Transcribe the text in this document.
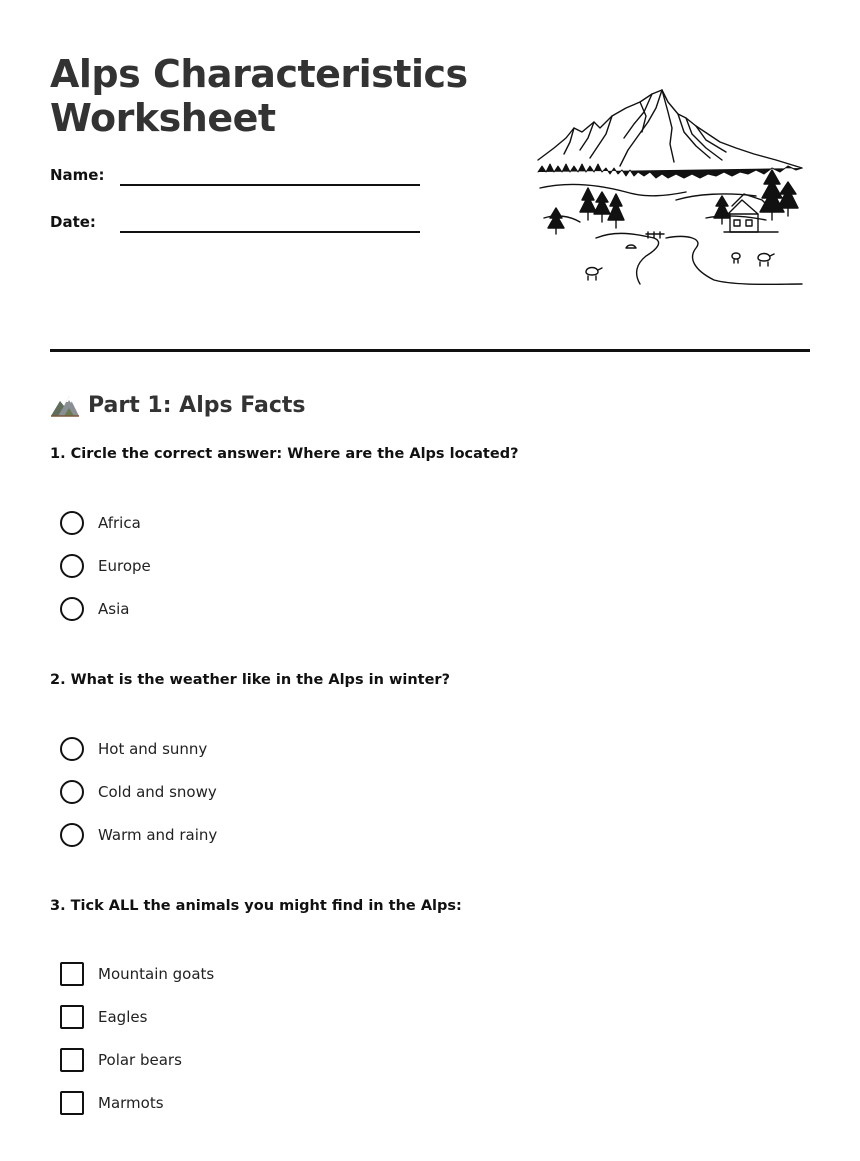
Alps Characteristics Worksheet
Name:
Date:
Part 1: Alps Facts
1. Circle the correct answer: Where are the Alps located?
Africa
Europe
Asia
2. What is the weather like in the Alps in winter?
Hot and sunny
Cold and snowy
Warm and rainy
3. Tick ALL the animals you might find in the Alps:
Mountain goats
Eagles
Polar bears
Marmots
